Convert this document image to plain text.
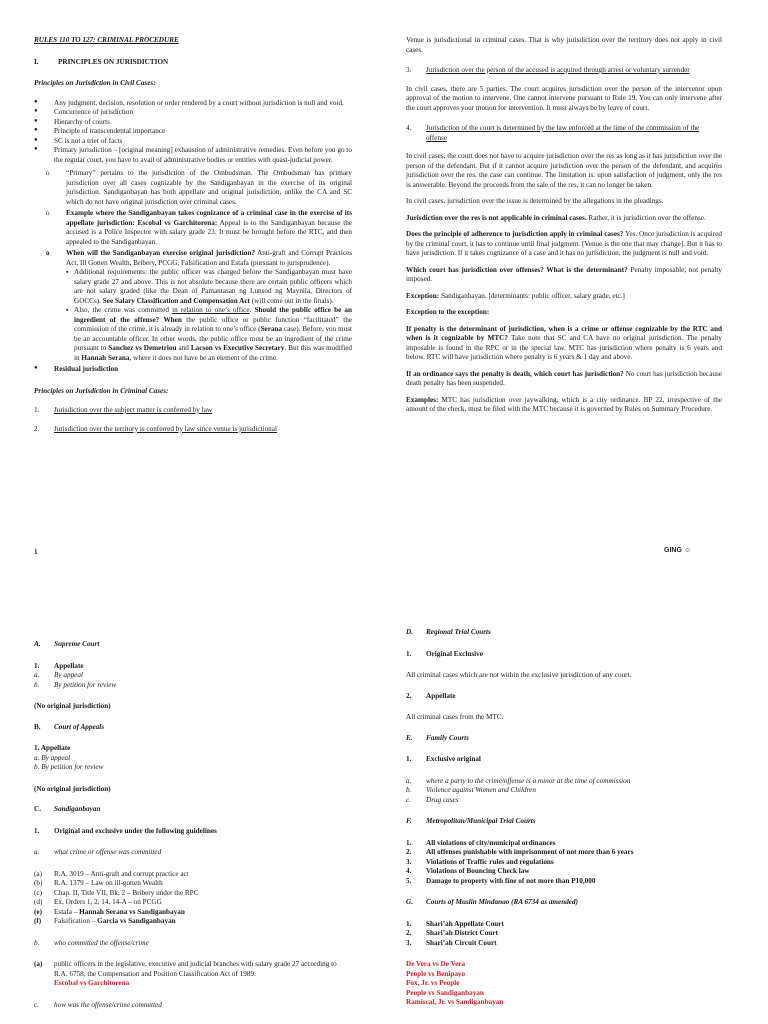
RULES 110 TO 127: CRIMINAL PROCEDURE

I.	PRINCIPLES ON JURISDICTION

Principles on Jurisdiction in Civil Cases:

● Any judgment, decision, resolution or order rendered by a court without jurisdiction is null and void.
● Concurrence of jurisdiction
● Hierarchy of courts
● Principle of transcendental importance
● SC is not a trier of facts
● Primary jurisdiction – [original meaning] exhaustion of administrative remedies. Even before you go to the regular court, you have to avail of administrative bodies or entities with quasi-judicial power.
o “Primary” pertains to the jurisdiction of the Ombudsman. The Ombudsman has primary jurisdiction over all cases cognizable by the Sandiganbayan in the exercise of its original jurisdiction. Sandiganbayan has both appellate and original jurisdiction, unlike the CA and SC which do not have original jurisdiction over criminal cases.
o Example where the Sandiganbayan takes cognizance of a criminal case in the exercise of its appellate jurisdiction: Escobal vs Garchitorena: Appeal is to the Sandiganbayan because the accused is a Police Inspector with salary grade 23. It must be brought before the RTC, and then appealed to the Sandiganbayan.
o When will the Sandiganbayan exercise original jurisdiction? Anti-graft and Corrupt Practices Act, Ill Gotten Wealth, Bribery, PCGG, Falsification and Estafa (pursuant to jurisprudence).
▪ Additional requirements: the public officer was charged before the Sandiganbayan must have salary grade 27 and above. This is not absolute because there are certain public officers which are not salary graded (like the Dean of Pamantasan ng Lunsod ng Maynila, Directors of GOCCs). See Salary Classification and Compensation Act (will come out in the finals).
▪ Also, the crime was committed in relation to one’s office. Should the public office be an ingredient of the offense? When the public office or public function “facilitated” the commission of the crime, it is already in relation to one’s office (Serana case). Before, you must be an accountable officer. In other words, the public office must be an ingredient of the crime pursuant to Sanchez vs Demetriou and Lacson vs Executive Secretary. But this was modified in Hannah Serana, where it does not have be an element of the crime.
● Residual jurisdiction

Principles on Jurisdiction in Criminal Cases:

1.	Jurisdiction over the subject matter is conferred by law
2.	Jurisdiction over the territory is conferred by law since venue is jurisdictional
1

Venue is jurisdictional in criminal cases. That is why jurisdiction over the territory does not apply in civil cases.

3.	Jurisdiction over the person of the accused is acquired through arrest or voluntary surrender

In civil cases, there are 5 parties. The court acquires jurisdiction over the person of the intervenor upon approval of the motion to intervene. One cannot intervene pursuant to Rule 19. You can only intervene after the court approves your motion for intervention. It must always be by leave of court.

4.	Jurisdiction of the court is determined by the law enforced at the time of the commission of the offense

In civil cases, the court does not have to acquire jurisdiction over the res as long as it has jurisdiction over the person of the defendant. But if it cannot acquire jurisdiction over the person of the defendant, and acquires jurisdiction over the res, the case can continue. The limitation is: upon satisfaction of judgment, only the res is answerable. Beyond the proceeds from the sale of the res, it can no longer be taken.

In civil cases, jurisdiction over the issue is determined by the allegations in the pleadings.

Jurisdiction over the res is not applicable in criminal cases. Rather, it is jurisdiction over the offense.

Does the principle of adherence to jurisdiction apply in criminal cases? Yes. Once jurisdiction is acquired by the criminal court, it has to continue until final judgment. [Venue is the one that may change]. But it has to have jurisdiction. If it takes cognizance of a case and it has no jurisdiction, the judgment is null and void.

Which court has jurisdiction over offenses? What is the determinant? Penalty imposable, not penalty imposed.

Exception: Sandiganbayan. [determinants: public officer, salary grade, etc.]

Exception to the exception:

If penalty is the determinant of jurisdiction, when is a crime or offense cognizable by the RTC and when is it cognizable by MTC? Take note that SC and CA have no original jurisdiction. The penalty imposable is found in the RPC or in the special law. MTC has jurisdiction where penalty is 6 years and below. RTC will have jurisdiction where penalty is 6 years & 1 day and above.

If an ordinance says the penalty is death, which court has jurisdiction? No court has jurisdiction because death penalty has been suspended.

Examples: MTC has jurisdiction over jaywalking, which is a city ordinance. BP 22, irrespective of the amount of the check, must be filed with the MTC because it is governed by Rules on Summary Procedure.

GING ☺
A.	Supreme Court
1.	Appellate
a.	By appeal
b.	By petition for review

(No original jurisdiction)

B.	Court of Appeals
1. Appellate
a. By appeal
b. By petition for review

(No original jurisdiction)

C.	Sandiganbayan
1.	Original and exclusive under the following guidelines
a.	what crime or offense was committed
(a)	R.A. 3019 – Anti-graft and corrupt practice act
(b)	R.A. 1379 – Law on ill-gotten Wealth
(c)	Chap. II, Title VII, Bk. 2 – Bribery under the RPC
(d)	Ex. Orders 1, 2, 14, 14-A – on PCGG
(e)	Estafa – Hannah Serana vs Sandiganbayan
(f)	Falsification – Garcia vs Sandiganbayan
b.	who committed the offense/crime
(a)	public officers in the legislative, executive and judicial branches with salary grade 27 according to R.A. 6758, the Compensation and Position Classification Act of 1989.
Escobal vs Garchitorena
c.	how was the offense/crime committed
D.	Regional Trial Courts
1.	Original Exclusive

All criminal cases which are not within the exclusive jurisdiction of any court.

2.	Appellate

All criminal cases from the MTC.

E.	Family Courts
1.	Exclusive original
a.	where a party to the crime/offense is a minor at the time of commission
b.	Violence against Women and Children
c.	Drug cases
F.	Metropolitan/Municipal Trial Courts
1.	All violations of city/municipal ordinances
2.	All offenses punishable with imprisonment of not more than 6 years
3.	Violations of Traffic rules and regulations
4.	Violations of Bouncing Check law
5.	Damage to property with fine of not more than P10,000
G.	Courts of Muslin Mindanao (RA 6734 as amended)
1.	Shari’ah Appellate Court
2.	Shari’ah District Court
3.	Shari’ah Circuit Court
De Vera vs De Vera
People vs Benipayo
Fox, Jr. vs People
People vs Sandiganbayan
Ramiscal, Jr. vs Sandiganbayan
